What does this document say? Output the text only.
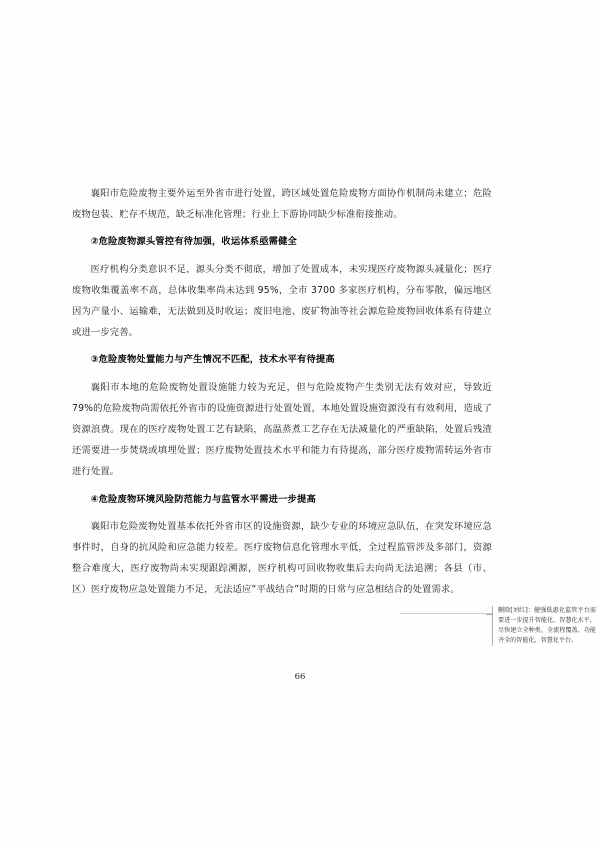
襄阳市危险废物主要外运至外省市进行处置，跨区域处置危险废物方面协作机制尚未建立；危险废物包装、贮存不规范，缺乏标准化管理；行业上下游协同缺少标准衔接推动。

②危险废物源头管控有待加强，收运体系亟需健全

医疗机构分类意识不足，源头分类不彻底，增加了处置成本，未实现医疗废物源头减量化；医疗废物收集覆盖率不高，总体收集率尚未达到 95%，全市 3700 多家医疗机构，分布零散，偏远地区因为产量小、运输难，无法做到及时收运；废旧电池、废矿物油等社会源危险废物回收体系有待建立或进一步完善。

③危险废物处置能力与产生情况不匹配，技术水平有待提高

襄阳市本地的危险废物处置设施能力较为充足，但与危险废物产生类别无法有效对应，导致近 79%的危险废物尚需依托外省市的设施资源进行处置处置，本地处置设施资源没有有效利用，造成了资源浪费。现在的医疗废物处置工艺有缺陷，高温蒸煮工艺存在无法减量化的严重缺陷，处置后残渣还需要进一步焚烧或填埋处置；医疗废物处置技术水平和能力有待提高，部分医疗废物需转运外省市进行处置。

④危险废物环境风险防范能力与监管水平需进一步提高

襄阳市危险废物处置基本依托外省市区的设施资源，缺少专业的环境应急队伍，在突发环境应急事件时，自身的抗风险和应急能力较差。医疗废物信息化管理水平低，全过程监管涉及多部门，资源整合难度大，医疗废物尚未实现跟踪溯源，医疗机构可回收物收集后去向尚无法追溯；各县（市、区）医疗废物应急处置能力不足，无法适应“平战结合”时期的日常与应急相结合的处置需求。

删除[刘红]：健强低惠化监管平台需要进一步提升智能化、智慧化水平，尽快建立全种类、全流程覆盖、功能齐全的智能化、智慧化平台。
66
